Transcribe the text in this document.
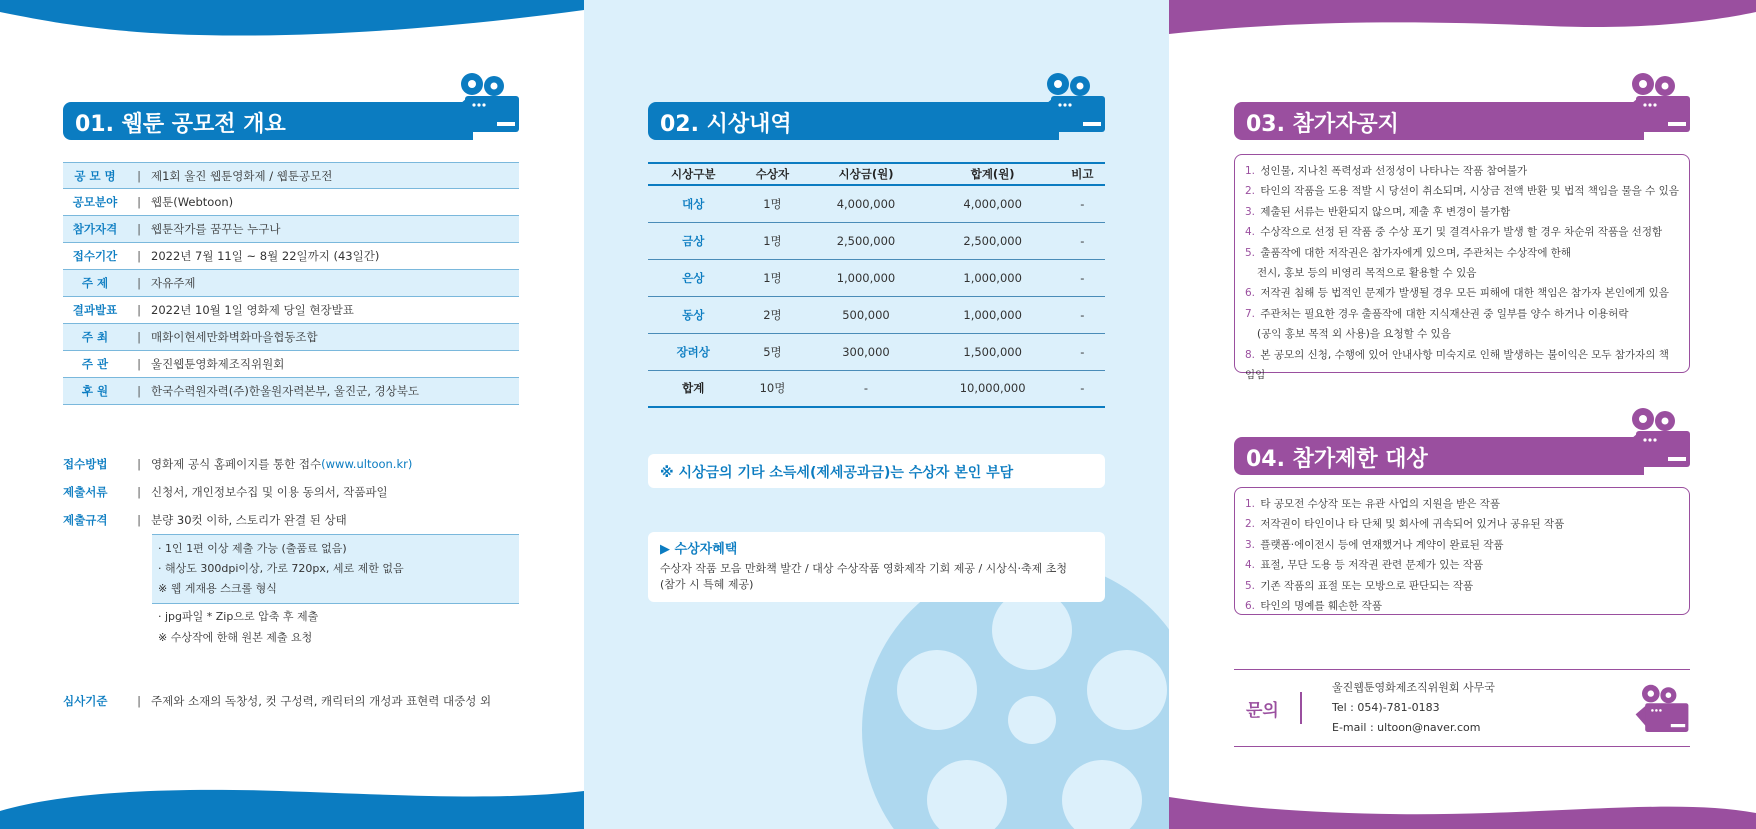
01. 웹툰 공모전 개요
공 모 명	| 제1회 울진 웹툰영화제 / 웹툰공모전
공모분야	| 웹툰(Webtoon)
참가자격	| 웹툰작가를 꿈꾸는 누구나
접수기간	| 2022년 7월 11일 ~ 8월 22일까지 (43일간)
주 제	| 자유주제
결과발표	| 2022년 10월 1일 영화제 당일 현장발표
주 최	| 매화이현세만화벽화마을협동조합
주 관	| 울진웹툰영화제조직위원회
후 원	| 한국수력원자력(주)한울원자력본부, 울진군, 경상북도
접수방법	| 영화제 공식 홈페이지를 통한 접수(www.ultoon.kr)
제출서류	| 신청서, 개인정보수집 및 이용 동의서, 작품파일
제출규격	| 분량 30컷 이하, 스토리가 완결 된 상태
· 1인 1편 이상 제출 가능 (출품료 없음)
· 해상도 300dpi이상, 가로 720px, 세로 제한 없음
※ 웹 게재용 스크롤 형식
· jpg파일 * Zip으로 압축 후 제출
※ 수상작에 한해 원본 제출 요청
심사기준	| 주제와 소재의 독창성, 컷 구성력, 캐릭터의 개성과 표현력 대중성 외
02. 시상내역
시상구분	수상자	시상금(원)	합계(원)	비고
대상	1명	4,000,000	4,000,000	-
금상	1명	2,500,000	2,500,000	-
은상	1명	1,000,000	1,000,000	-
동상	2명	500,000	1,000,000	-
장려상	5명	300,000	1,500,000	-
합계	10명	-	10,000,000	-
※ 시상금의 기타 소득세(제세공과금)는 수상자 본인 부담
▶ 수상자혜택
수상자 작품 모음 만화책 발간 / 대상 수상작품 영화제작 기회 제공 / 시상식·축제 초청
(참가 시 특혜 제공)
03. 참가자공지
1. 성인물, 지나친 폭력성과 선정성이 나타나는 작품 참여불가
2. 타인의 작품을 도용 적발 시 당선이 취소되며, 시상금 전액 반환 및 법적 책임을 물을 수 있음
3. 제출된 서류는 반환되지 않으며, 제출 후 변경이 불가함
4. 수상작으로 선정 된 작품 중 수상 포기 및 결격사유가 발생 할 경우 차순위 작품을 선정함
5. 출품작에 대한 저작권은 참가자에게 있으며, 주관처는 수상작에 한해
전시, 홍보 등의 비영리 목적으로 활용할 수 있음
6. 저작권 침해 등 법적인 문제가 발생될 경우 모든 피해에 대한 책임은 참가자 본인에게 있음
7. 주관처는 필요한 경우 출품작에 대한 지식재산권 중 일부를 양수 하거나 이용허락
(공익 홍보 목적 외 사용)을 요청할 수 있음
8. 본 공모의 신청, 수행에 있어 안내사항 미숙지로 인해 발생하는 불이익은 모두 참가자의 책임임
04. 참가제한 대상
1. 타 공모전 수상작 또는 유관 사업의 지원을 받은 작품
2. 저작권이 타인이나 타 단체 및 회사에 귀속되어 있거나 공유된 작품
3. 플랫폼·에이전시 등에 연재했거나 계약이 완료된 작품
4. 표절, 무단 도용 등 저작권 관련 문제가 있는 작품
5. 기존 작품의 표절 또는 모방으로 판단되는 작품
6. 타인의 명예를 훼손한 작품
문의
울진웹툰영화제조직위원회 사무국
Tel : 054)-781-0183
E-mail : ultoon@naver.com
